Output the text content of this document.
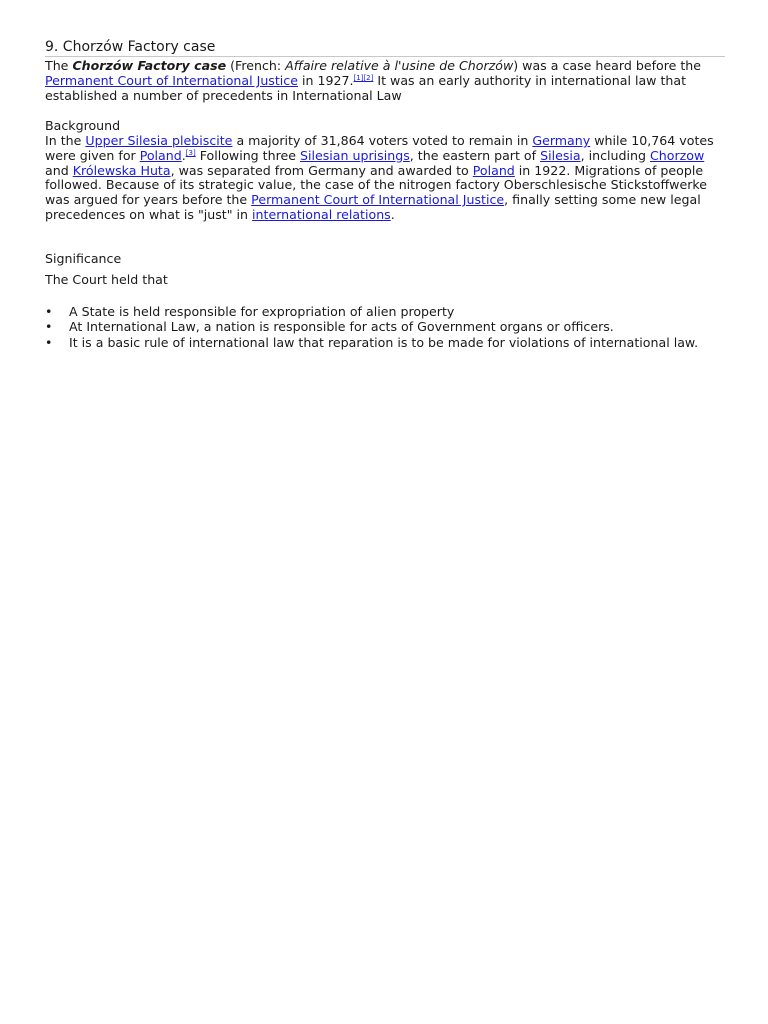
9. Chorzów Factory case
The Chorzów Factory case (French: Affaire relative à l'usine de Chorzów) was a case heard before the Permanent Court of International Justice in 1927.[1][2] It was an early authority in international law that established a number of precedents in International Law
Background
In the Upper Silesia plebiscite a majority of 31,864 voters voted to remain in Germany while 10,764 votes were given for Poland.[3] Following three Silesian uprisings, the eastern part of Silesia, including Chorzow and Królewska Huta, was separated from Germany and awarded to Poland in 1922. Migrations of people followed. Because of its strategic value, the case of the nitrogen factory Oberschlesische Stickstoffwerke was argued for years before the Permanent Court of International Justice, finally setting some new legal precedences on what is "just" in international relations.
Significance
The Court held that
• A State is held responsible for expropriation of alien property
• At International Law, a nation is responsible for acts of Government organs or officers.
• It is a basic rule of international law that reparation is to be made for violations of international law.
